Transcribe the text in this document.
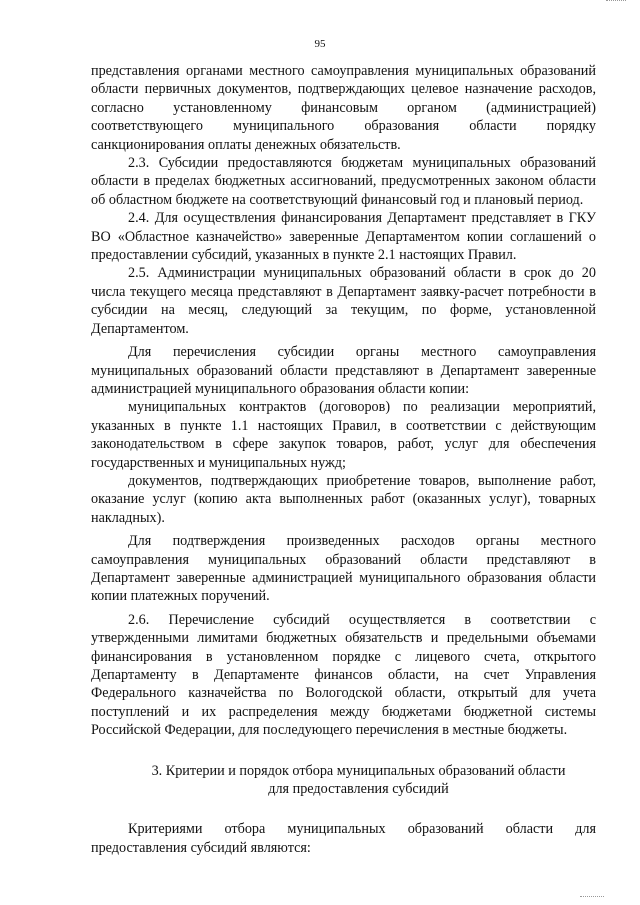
95

представления органами местного самоуправления муниципальных образований области первичных документов, подтверждающих целевое назначение расходов, согласно установленному финансовым органом (администрацией) соответствующего муниципального образования области порядку санкционирования оплаты денежных обязательств.

2.3. Субсидии предоставляются бюджетам муниципальных образований области в пределах бюджетных ассигнований, предусмотренных законом области об областном бюджете на соответствующий финансовый год и плановый период.

2.4. Для осуществления финансирования Департамент представляет в ГКУ ВО «Областное казначейство» заверенные Департаментом копии соглашений о предоставлении субсидий, указанных в пункте 2.1 настоящих Правил.

2.5. Администрации муниципальных образований области в срок до 20 числа текущего месяца представляют в Департамент заявку-расчет потребности в субсидии на месяц, следующий за текущим, по форме, установленной Департаментом.

Для перечисления субсидии органы местного самоуправления муниципальных образований области представляют в Департамент заверенные администрацией муниципального образования области копии:

муниципальных контрактов (договоров) по реализации мероприятий, указанных в пункте 1.1 настоящих Правил, в соответствии с действующим законодательством в сфере закупок товаров, работ, услуг для обеспечения государственных и муниципальных нужд;

документов, подтверждающих приобретение товаров, выполнение работ, оказание услуг (копию акта выполненных работ (оказанных услуг), товарных накладных).

Для подтверждения произведенных расходов органы местного самоуправления муниципальных образований области представляют в Департамент заверенные администрацией муниципального образования области копии платежных поручений.

2.6. Перечисление субсидий осуществляется в соответствии с утвержденными лимитами бюджетных обязательств и предельными объемами финансирования в установленном порядке с лицевого счета, открытого Департаменту в Департаменте финансов области, на счет Управления Федерального казначейства по Вологодской области, открытый для учета поступлений и их распределения между бюджетами бюджетной системы Российской Федерации, для последующего перечисления в местные бюджеты.

3. Критерии и порядок отбора муниципальных образований области
для предоставления субсидий

Критериями отбора муниципальных образований области для предоставления субсидий являются:
